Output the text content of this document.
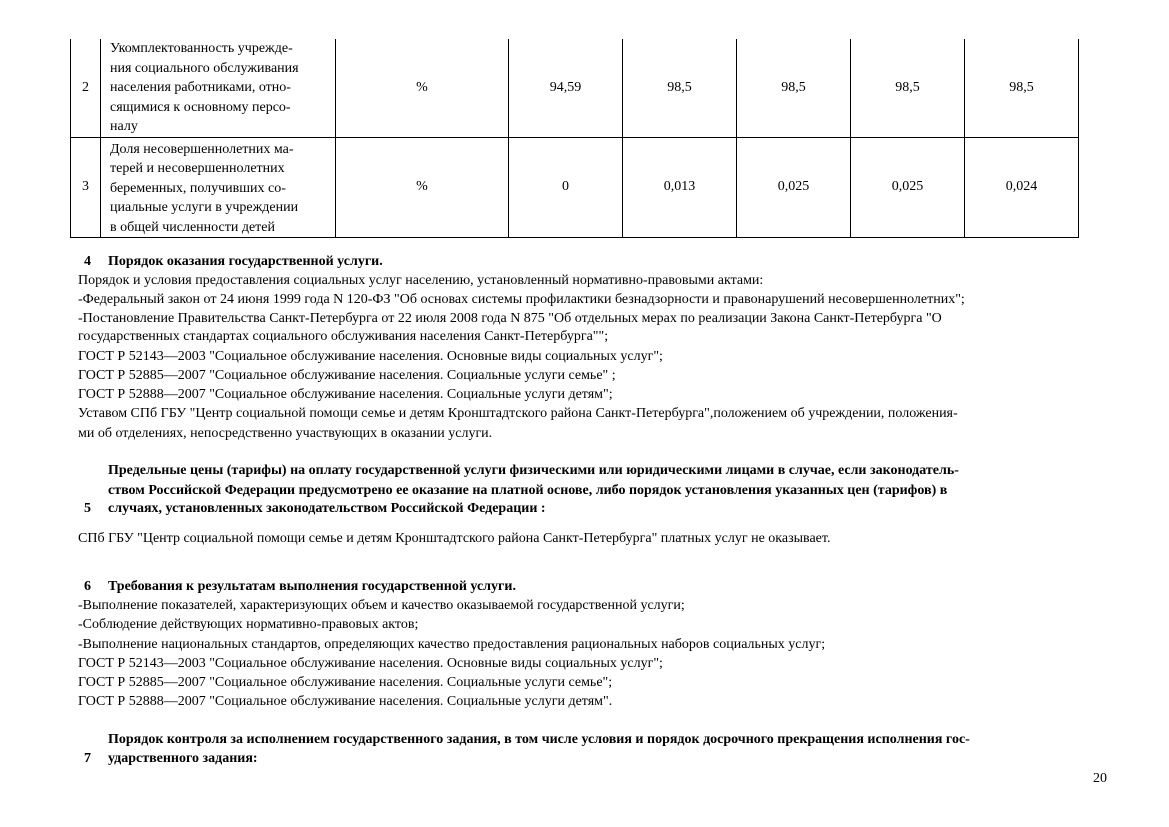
2	Укомплектованность учрежде-
ния социального обслуживания
населения работниками, отно-
сящимися к основному персо-
налу	%	94,59	98,5	98,5	98,5	98,5
3	Доля несовершеннолетних ма-
терей и несовершеннолетних
беременных, получивших со-
циальные услуги в учреждении
в общей численности детей	%	0	0,013	0,025	0,025	0,024
4 Порядок оказания государственной услуги.
Порядок и условия предоставления социальных услуг населению, установленный нормативно-правовыми актами:
-Федеральный закон от 24 июня 1999 года N 120-ФЗ "Об основах системы профилактики безнадзорности и правонарушений несовершеннолетних";
-Постановление Правительства Санкт-Петербурга от 22 июля 2008 года N 875 "Об отдельных мерах по реализации Закона Санкт-Петербурга "О
государственных стандартах социального обслуживания населения Санкт-Петербурга"";
ГОСТ Р 52143—2003 "Социальное обслуживание населения. Основные виды социальных услуг";
ГОСТ Р 52885—2007 "Социальное обслуживание населения. Социальные услуги семье" ;
ГОСТ Р 52888—2007 "Социальное обслуживание населения. Социальные услуги детям";
Уставом СПб ГБУ "Центр социальной помощи семье и детям Кронштадтского района Санкт-Петербурга",положением об учреждении, положения-
ми об отделениях, непосредственно участвующих в оказании услуги.
Предельные цены (тарифы) на оплату государственной услуги физическими или юридическими лицами в случае, если законодатель-
ством Российской Федерации предусмотрено ее оказание на платной основе, либо порядок установления указанных цен (тарифов) в
5 случаях, установленных законодательством Российской Федерации :
СПб ГБУ "Центр социальной помощи семье и детям Кронштадтского района Санкт-Петербурга" платных услуг не оказывает.
6 Требования к результатам выполнения государственной услуги.
-Выполнение показателей, характеризующих объем и качество оказываемой государственной услуги;
-Соблюдение действующих нормативно-правовых актов;
-Выполнение национальных стандартов, определяющих качество предоставления рациональных наборов социальных услуг;
ГОСТ Р 52143—2003 "Социальное обслуживание населения. Основные виды социальных услуг";
ГОСТ Р 52885—2007 "Социальное обслуживание населения. Социальные услуги семье";
ГОСТ Р 52888—2007 "Социальное обслуживание населения. Социальные услуги детям".
Порядок контроля за исполнением государственного задания, в том числе условия и порядок досрочного прекращения исполнения гос-
7 ударственного задания:
20
